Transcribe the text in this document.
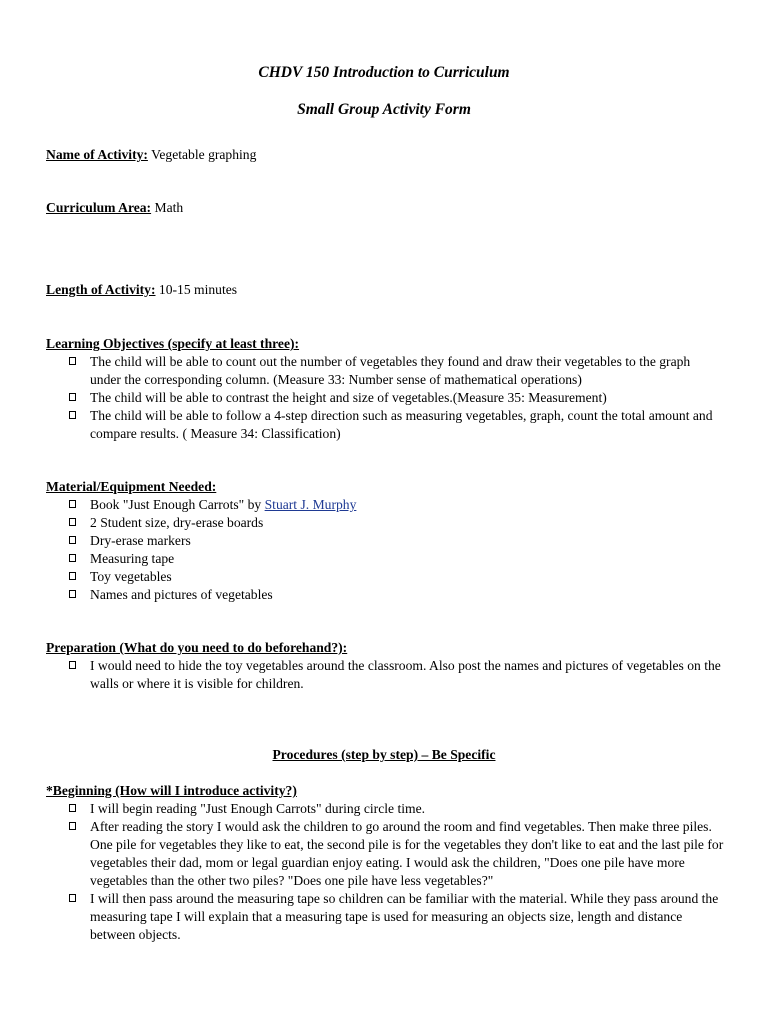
CHDV 150 Introduction to Curriculum
Small Group Activity Form
Name of Activity: Vegetable graphing
Curriculum Area: Math
Length of Activity: 10-15 minutes
Learning Objectives (specify at least three):
The child will be able to count out the number of vegetables they found and draw their vegetables to the graph under the corresponding column. (Measure 33: Number sense of mathematical operations)
The child will be able to contrast the height and size of vegetables.(Measure 35: Measurement)
The child will be able to follow a 4-step direction such as measuring vegetables, graph, count the total amount and compare results. ( Measure 34: Classification)
Material/Equipment Needed:
Book "Just Enough Carrots" by Stuart J. Murphy
2 Student size, dry-erase boards
Dry-erase markers
Measuring tape
Toy vegetables
Names and pictures of vegetables
Preparation (What do you need to do beforehand?):
I would need to hide the toy vegetables around the classroom. Also post the names and pictures of vegetables on the walls or where it is visible for children.
Procedures (step by step) – Be Specific
*Beginning (How will I introduce activity?)
I will begin reading "Just Enough Carrots" during circle time.
After reading the story I would ask the children to go around the room and find vegetables. Then make three piles. One pile for vegetables they like to eat, the second pile is for the vegetables they don't like to eat and the last pile for vegetables their dad, mom or legal guardian enjoy eating. I would ask the children, "Does one pile have more vegetables than the other two piles? "Does one pile have less vegetables?"
I will then pass around the measuring tape so children can be familiar with the material. While they pass around the measuring tape I will explain that a measuring tape is used for measuring an objects size, length and distance between objects.
